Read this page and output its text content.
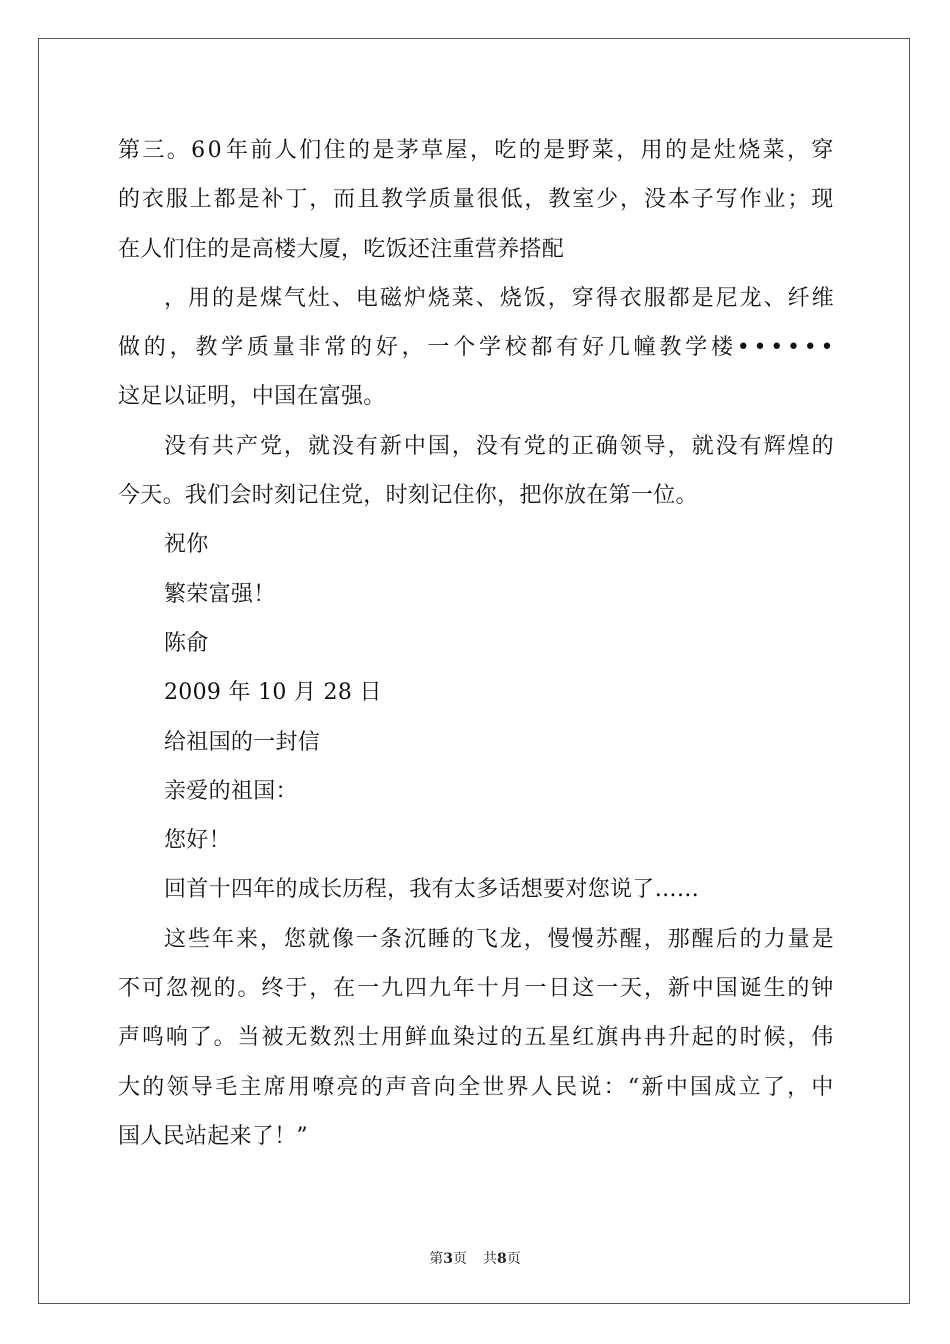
第 三 。 6 0 年 前 人 们 住 的 是 茅 草 屋 ， 吃 的 是 野 菜 ， 用 的 是 灶 烧 菜 ， 穿
的 衣 服 上 都 是 补 丁 ， 而 且 教 学 质 量 很 低 ， 教 室 少 ， 没 本 子 写 作 业 ； 现
在人们住的是高楼大厦，吃饭还注重营养搭配
， 用 的 是 煤 气 灶 、 电 磁 炉 烧 菜 、 烧 饭 ， 穿 得 衣 服 都 是 尼 龙 、 纤 维
做 的 ， 教 学 质 量 非 常 的 好 ， 一 个 学 校 都 有 好 几 幢 教 学 楼 • • • • • •
这足以证明，中国在富强。
没 有 共 产 党 ， 就 没 有 新 中 国 ， 没 有 党 的 正 确 领 导 ， 就 没 有 辉 煌 的
今天。我们会时刻记住党，时刻记住你，把你放在第一位。
祝你
繁荣富强！
陈俞
2009 年 10 月 28 日
给祖国的一封信
亲爱的祖国：
您好！
回首十四年的成长历程，我有太多话想要对您说了……
这 些 年 来 ， 您 就 像 一 条 沉 睡 的 飞 龙 ， 慢 慢 苏 醒 ， 那 醒 后 的 力 量 是
不 可 忽 视 的 。 终 于 ， 在 一 九 四 九 年 十 月 一 日 这 一 天 ， 新 中 国 诞 生 的 钟
声 鸣 响 了 。 当 被 无 数 烈 士 用 鲜 血 染 过 的 五 星 红 旗 冉 冉 升 起 的 时 候 ， 伟
大 的 领 导 毛 主 席 用 嘹 亮 的 声 音 向 全 世 界 人 民 说 ： “ 新 中 国 成 立 了 ， 中
国人民站起来了！”
第3页 共8页
